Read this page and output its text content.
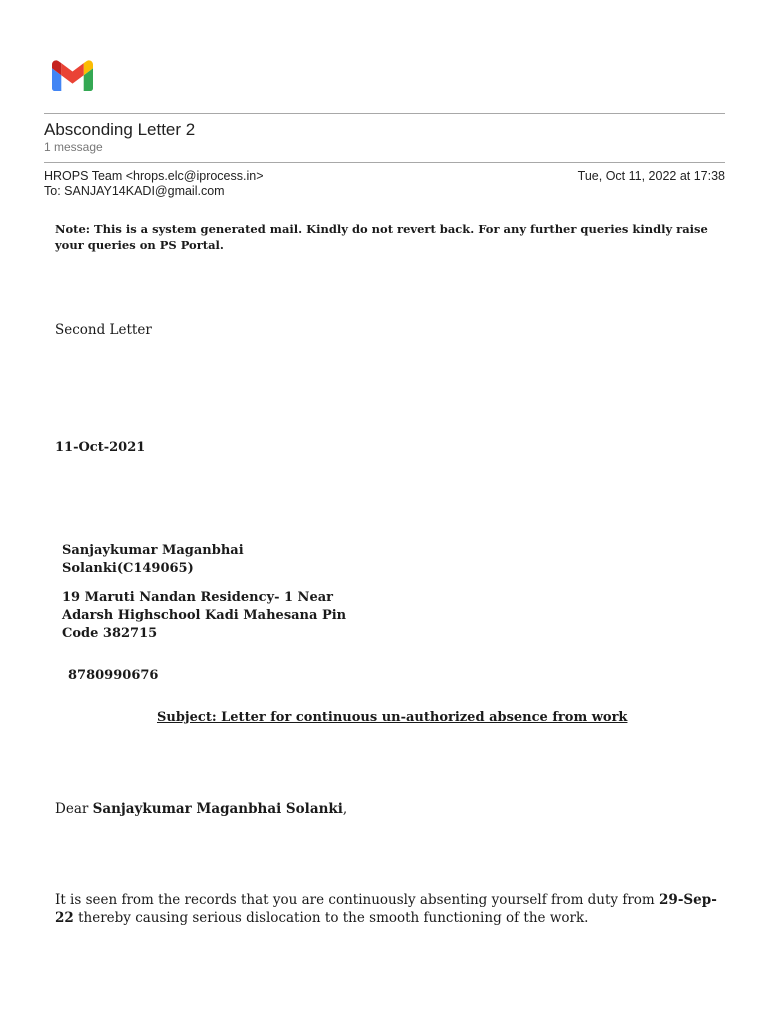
Absconding Letter 2
1 message
HROPS Team <hrops.elc@iprocess.in>
To: SANJAY14KADI@gmail.com
Tue, Oct 11, 2022 at 17:38
Note: This is a system generated mail. Kindly do not revert back. For any further queries kindly raise your queries on PS Portal.
Second Letter
11-Oct-2021
Sanjaykumar Maganbhai Solanki(C149065)
19 Maruti Nandan Residency- 1 Near Adarsh Highschool Kadi Mahesana Pin Code 382715
8780990676
Subject: Letter for continuous un-authorized absence from work
Dear Sanjaykumar Maganbhai Solanki,
It is seen from the records that you are continuously absenting yourself from duty from 29-Sep-22 thereby causing serious dislocation to the smooth functioning of the work.
